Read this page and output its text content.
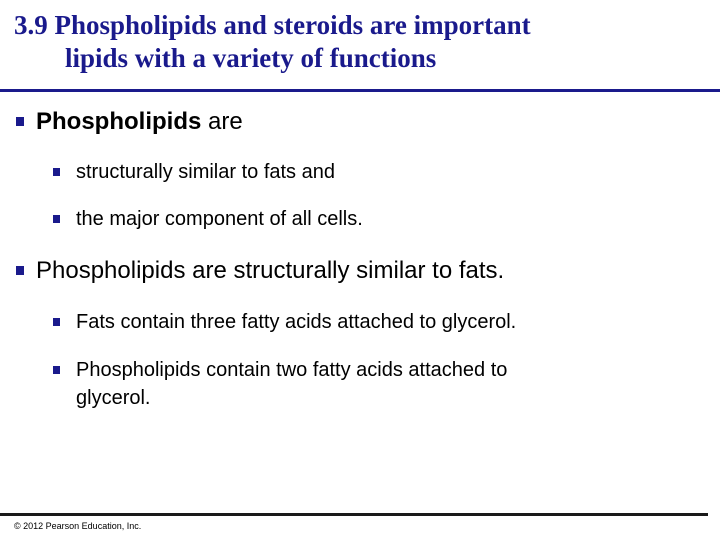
3.9 Phospholipids and steroids are important
lipids with a variety of functions
Phospholipids are
structurally similar to fats and
the major component of all cells.
Phospholipids are structurally similar to fats.
Fats contain three fatty acids attached to glycerol.
Phospholipids contain two fatty acids attached to
glycerol.
© 2012 Pearson Education, Inc.
